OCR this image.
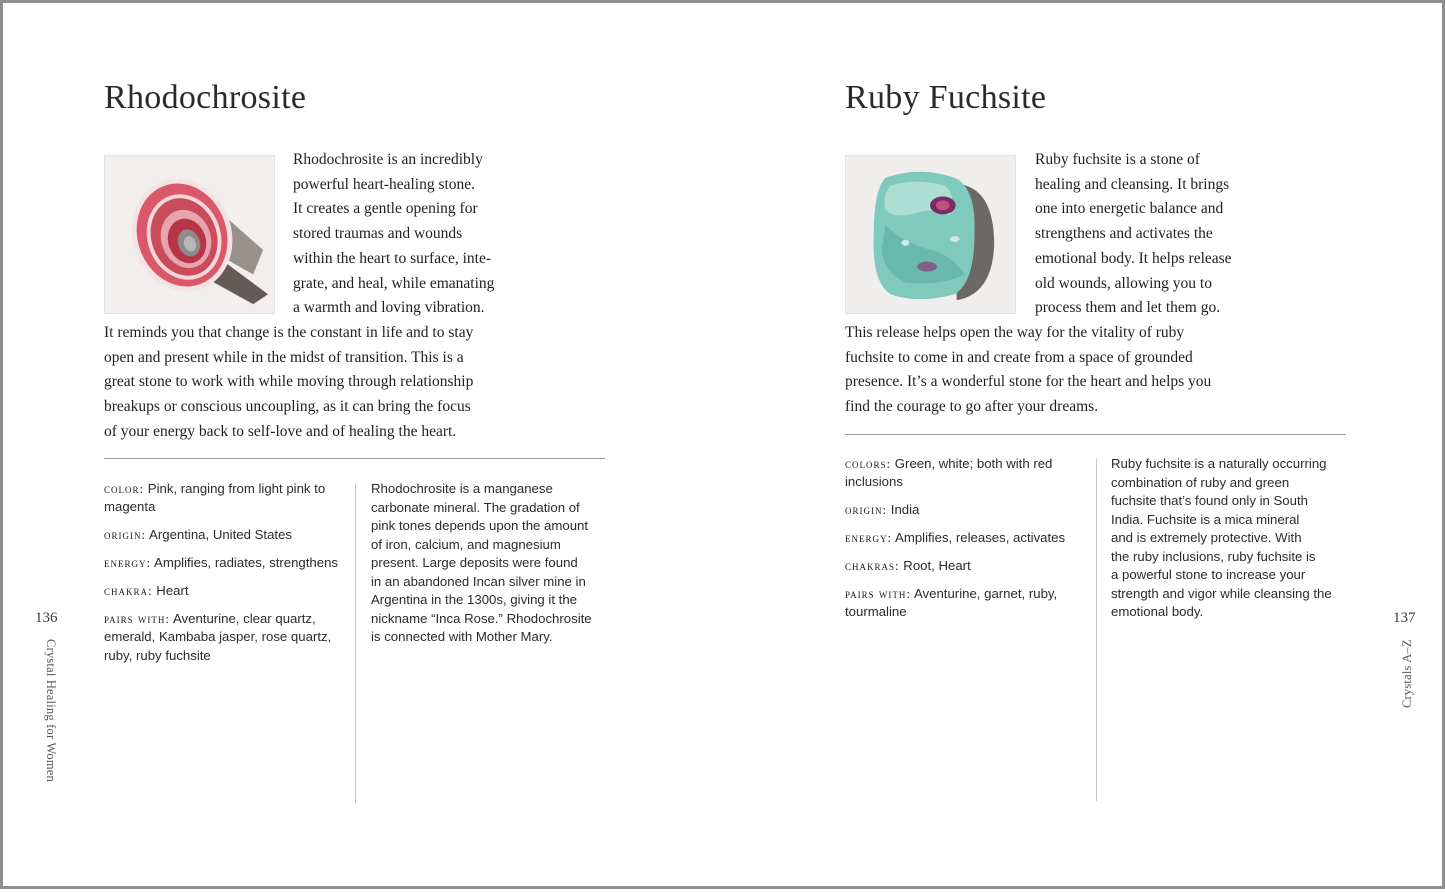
Rhodochrosite
Rhodochrosite is an incredibly
powerful heart-healing stone.
It creates a gentle opening for
stored traumas and wounds
within the heart to surface, inte-
grate, and heal, while emanating
a warmth and loving vibration.
It reminds you that change is the constant in life and to stay
open and present while in the midst of transition. This is a
great stone to work with while moving through relationship
breakups or conscious uncoupling, as it can bring the focus
of your energy back to self-love and of healing the heart.
color: Pink, ranging from light pink to magenta
origin: Argentina, United States
energy: Amplifies, radiates, strengthens
chakra: Heart
pairs with: Aventurine, clear quartz, emerald, Kambaba jasper, rose quartz, ruby, ruby fuchsite
Rhodochrosite is a manganese
carbonate mineral. The gradation of
pink tones depends upon the amount
of iron, calcium, and magnesium
present. Large deposits were found
in an abandoned Incan silver mine in
Argentina in the 1300s, giving it the
nickname “Inca Rose.” Rhodochrosite
is connected with Mother Mary.
136
Crystal Healing for Women
Ruby Fuchsite
Ruby fuchsite is a stone of
healing and cleansing. It brings
one into energetic balance and
strengthens and activates the
emotional body. It helps release
old wounds, allowing you to
process them and let them go.
This release helps open the way for the vitality of ruby
fuchsite to come in and create from a space of grounded
presence. It’s a wonderful stone for the heart and helps you
find the courage to go after your dreams.
colors: Green, white; both with red inclusions
origin: India
energy: Amplifies, releases, activates
chakras: Root, Heart
pairs with: Aventurine, garnet, ruby, tourmaline
Ruby fuchsite is a naturally occurring
combination of ruby and green
fuchsite that’s found only in South
India. Fuchsite is a mica mineral
and is extremely protective. With
the ruby inclusions, ruby fuchsite is
a powerful stone to increase your
strength and vigor while cleansing the
emotional body.	137
Crystals A–Z
